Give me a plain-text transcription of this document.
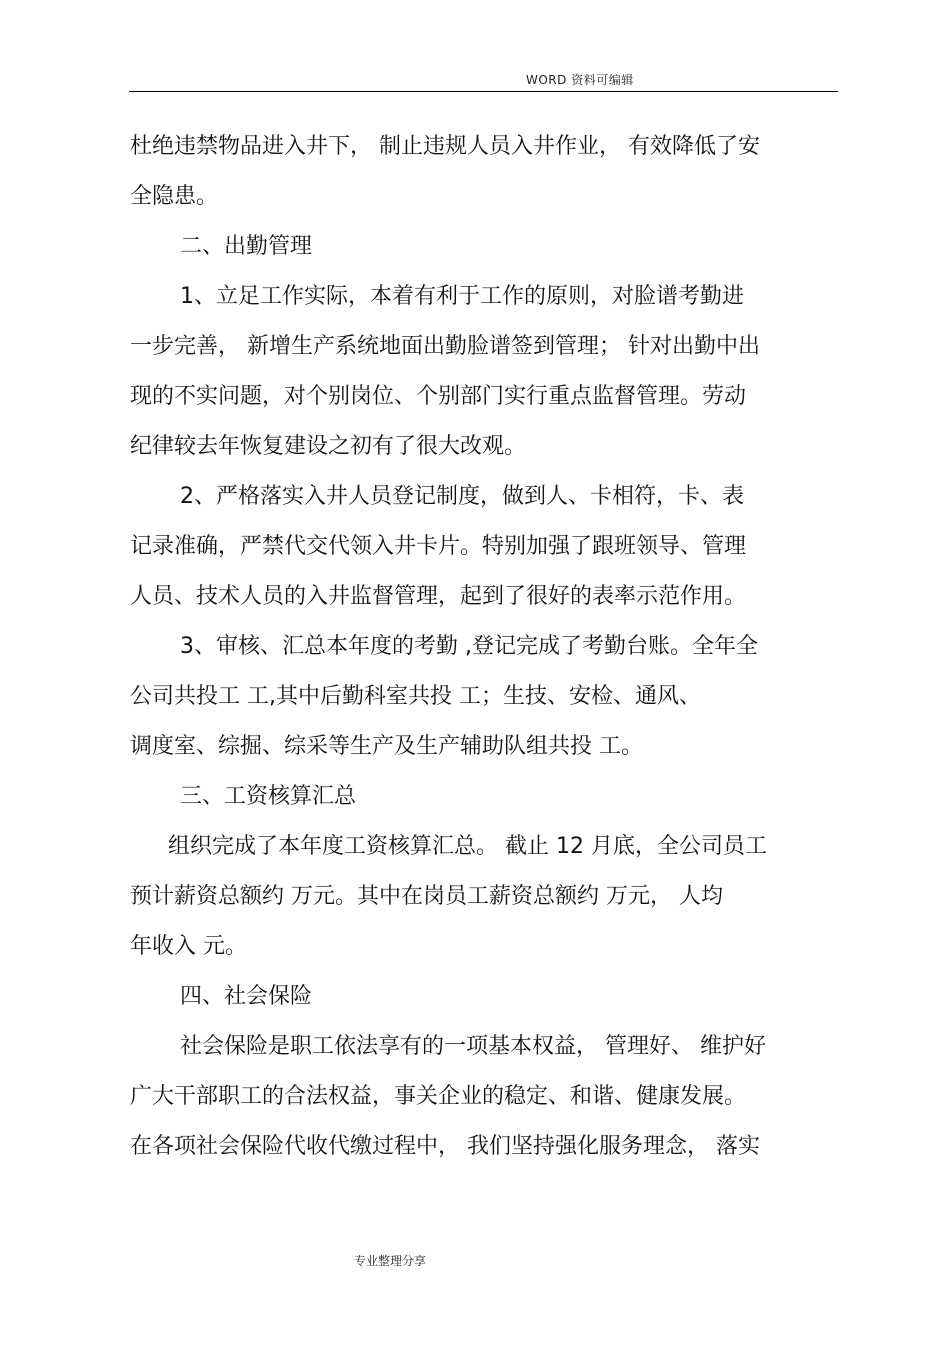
WORD 资料可编辑
杜绝违禁物品进入井下， 制止违规人员入井作业， 有效降低了安
全隐患。
二、出勤管理
1、立足工作实际，本着有利于工作的原则，对脸谱考勤进
一步完善， 新增生产系统地面出勤脸谱签到管理； 针对出勤中出
现的不实问题，对个别岗位、个别部门实行重点监督管理。劳动
纪律较去年恢复建设之初有了很大改观。
2、严格落实入井人员登记制度，做到人、卡相符，卡、表
记录准确，严禁代交代领入井卡片。特别加强了跟班领导、管理
人员、技术人员的入井监督管理，起到了很好的表率示范作用。
3、审核、汇总本年度的考勤 ,登记完成了考勤台账。全年全
公司共投工 工,其中后勤科室共投 工；生技、安检、通风、
调度室、综掘、综采等生产及生产辅助队组共投 工。
三、工资核算汇总
组织完成了本年度工资核算汇总。 截止 12 月底，全公司员工
预计薪资总额约 万元。其中在岗员工薪资总额约 万元， 人均
年收入 元。
四、社会保险
社会保险是职工依法享有的一项基本权益， 管理好、 维护好
广大干部职工的合法权益，事关企业的稳定、和谐、健康发展。
在各项社会保险代收代缴过程中， 我们坚持强化服务理念， 落实
专业整理分享
